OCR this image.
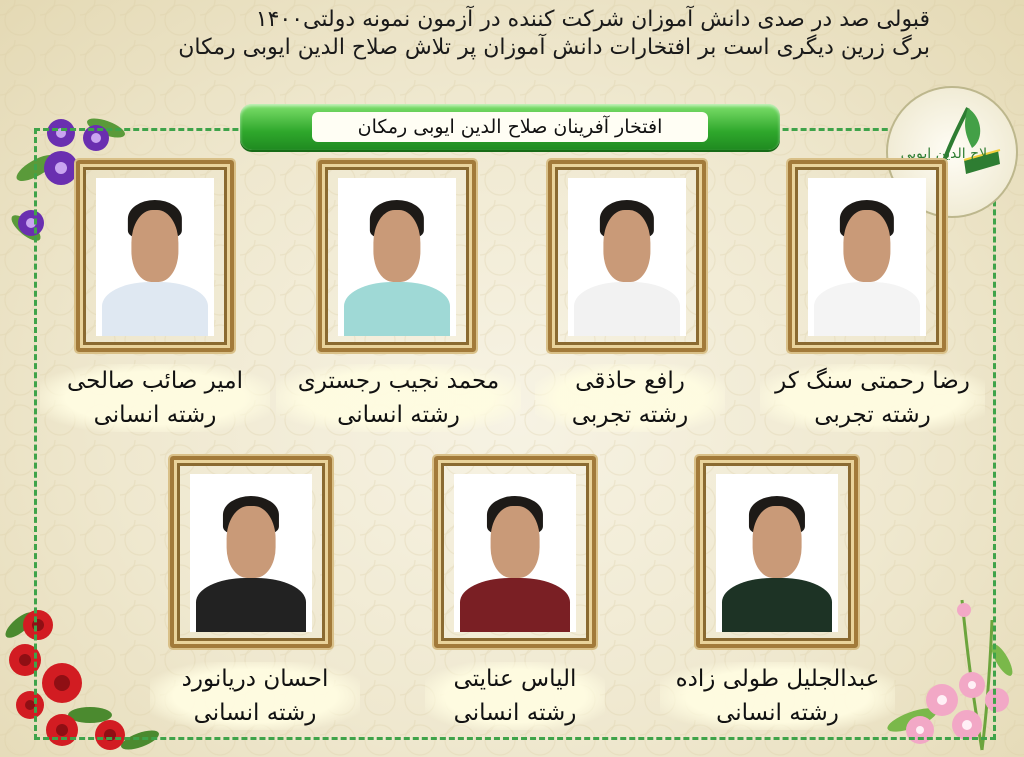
قبولی صد در صدی دانش آموزان شرکت کننده در آزمون نمونه دولتی۱۴۰۰
برگ زرین دیگری است بر افتخارات دانش آموزان پر تلاش صلاح الدین ایوبی رمکان
افتخار آفرینان صلاح الدین ایوبی رمکان
صلاح الدین ایوبی
امیر صائب صالحی
رشته انسانی
محمد نجیب رجستری
رشته انسانی
رافع حاذقی
رشته تجربی
رضا رحمتی سنگ کر
رشته تجربی
احسان دریانورد
رشته انسانی
الیاس عنایتی
رشته انسانی
عبدالجلیل طولی زاده
رشته انسانی
